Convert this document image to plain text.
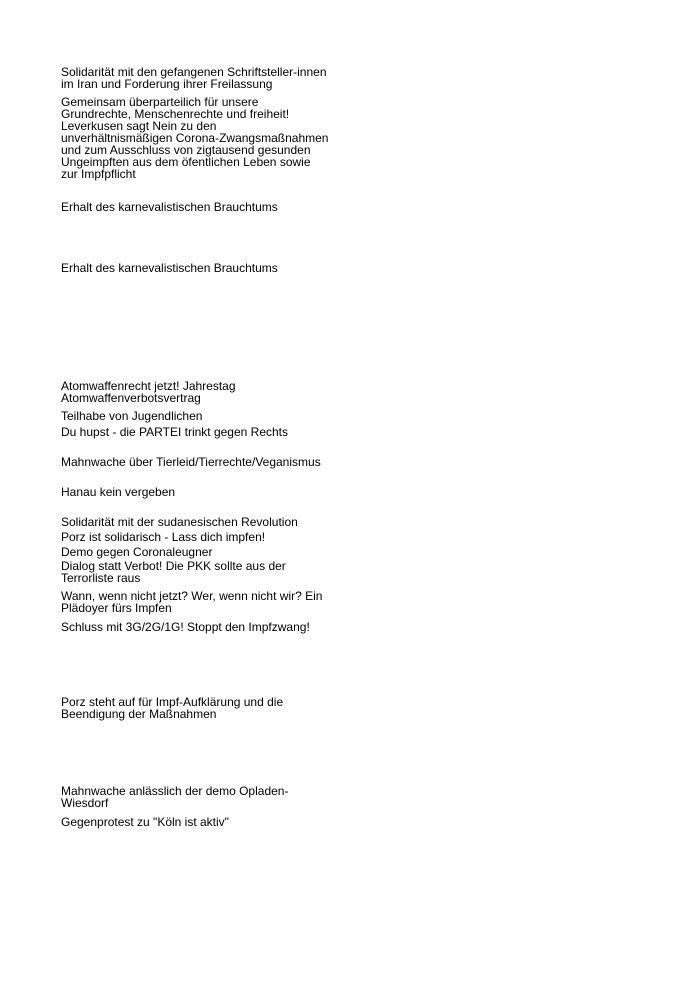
Solidarität mit den gefangenen Schriftsteller-innen
im Iran und Forderung ihrer Freilassung

Gemeinsam überparteilich für unsere
Grundrechte, Menschenrechte und freiheit!
Leverkusen sagt Nein zu den
unverhältnismäßigen Corona-Zwangsmaßnahmen
und zum Ausschluss von zigtausend gesunden
Ungeimpften aus dem öfentlichen Leben sowie
zur Impfpflicht

Erhalt des karnevalistischen Brauchtums

Erhalt des karnevalistischen Brauchtums

Atomwaffenrecht jetzt! Jahrestag
Atomwaffenverbotsvertrag

Teilhabe von Jugendlichen

Du hupst - die PARTEI trinkt gegen Rechts

Mahnwache über Tierleid/Tierrechte/Veganismus

Hanau kein vergeben

Solidarität mit der sudanesischen Revolution

Porz ist solidarisch - Lass dich impfen!

Demo gegen Coronaleugner

Dialog statt Verbot! Die PKK sollte aus der
Terrorliste raus

Wann, wenn nicht jetzt? Wer, wenn nicht wir? Ein
Plädoyer fürs Impfen

Schluss mit 3G/2G/1G! Stoppt den Impfzwang!

Porz steht auf für Impf-Aufklärung und die
Beendigung der Maßnahmen

Mahnwache anlässlich der demo Opladen-
Wiesdorf

Gegenprotest zu "Köln ist aktiv"
